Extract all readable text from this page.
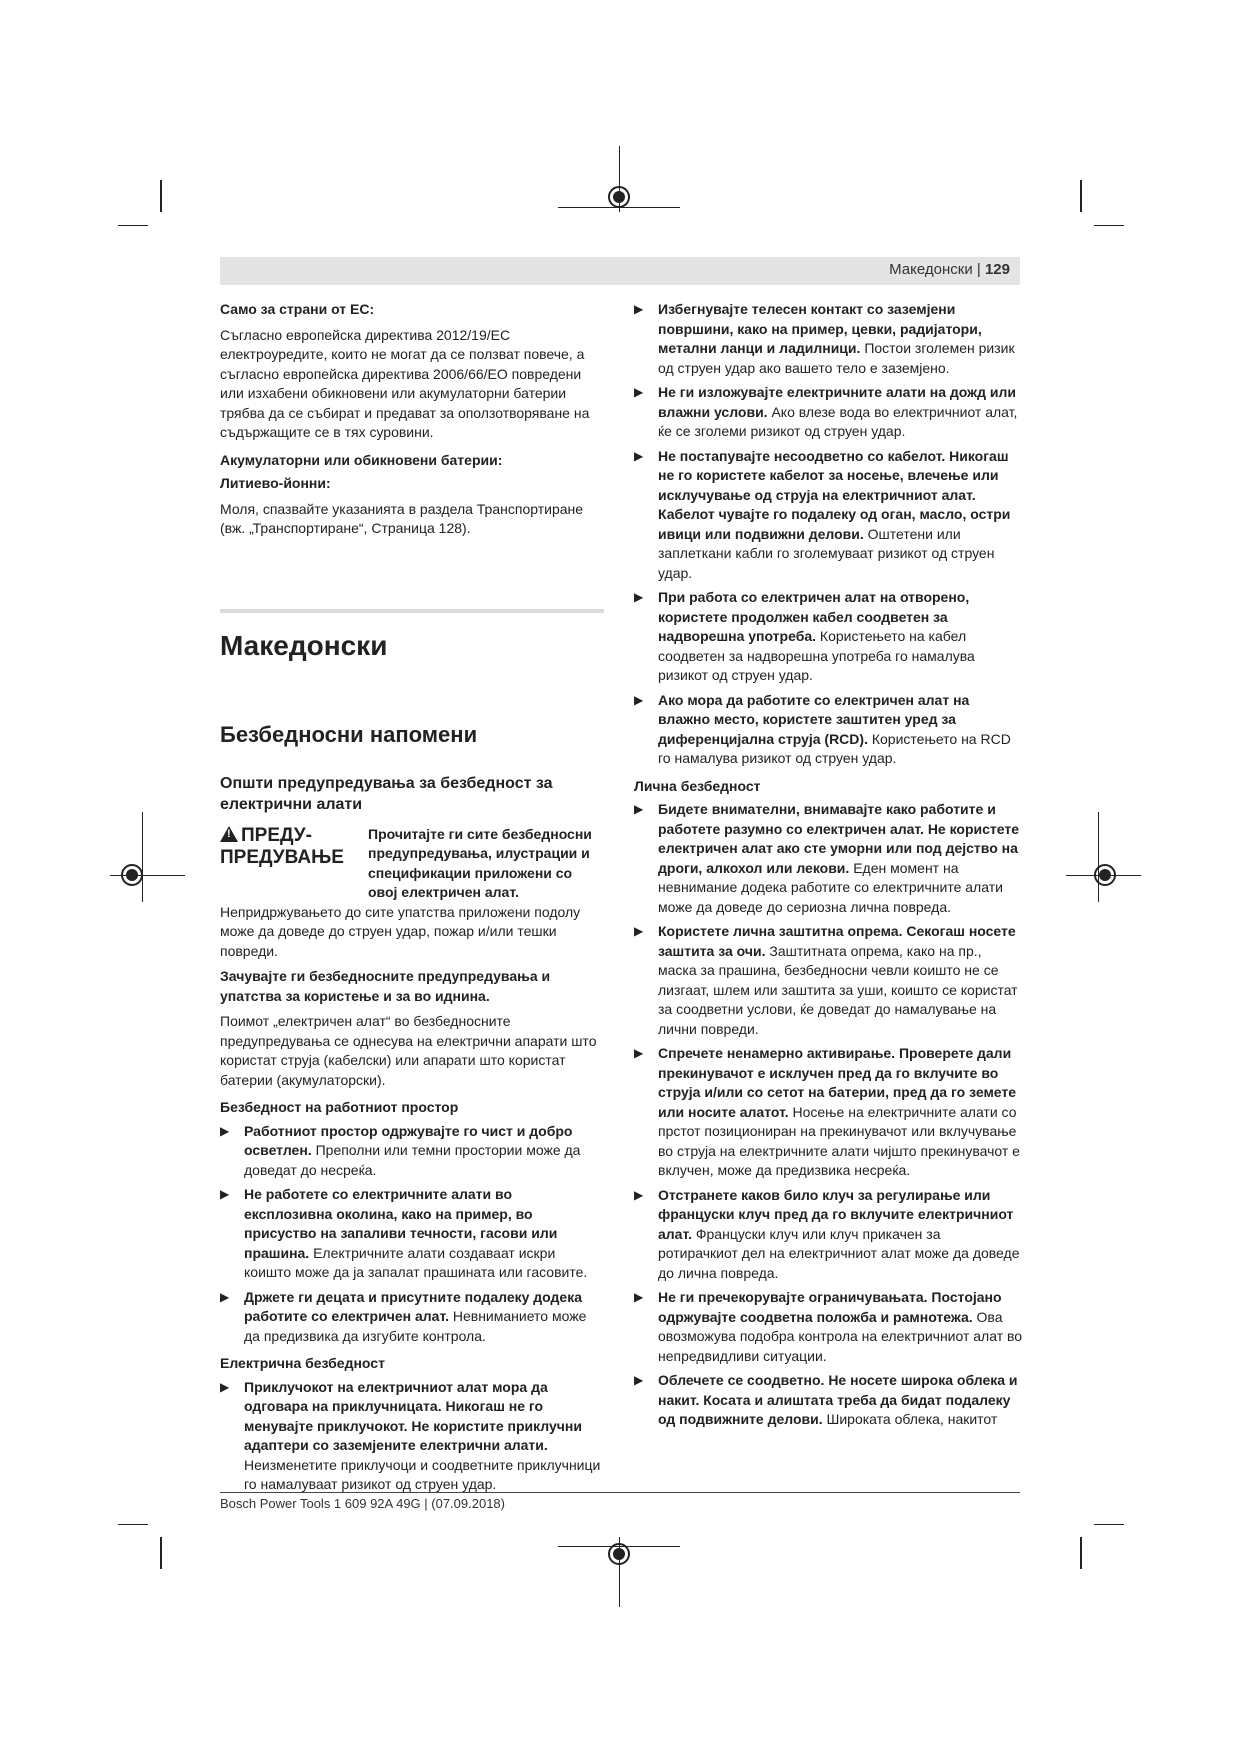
Македонски | 129

Само за страни от ЕС:

Съгласно европейска директива 2012/19/ЕС електроуредите, които не могат да се ползват повече, а съгласно европейска директива 2006/66/ЕО повредени или изхабени обикновени или акумулаторни батерии трябва да се събират и предават за оползотворяване на съдържащите се в тях суровини.

Акумулаторни или обикновени батерии:

Литиево-йонни:

Моля, спазвайте указанията в раздела Транспортиране (вж. „Транспортиране“, Страница 128).

Македонски
Безбедносни напомени
Општи предупредувања за безбедност за електрични алати
!ПРЕДУ-
ПРЕДУВАЊЕ
Прочитајте ги сите безбедносни предупредувања, илустрации и спецификации приложени со овој електричен алат.

Непридржувањето до сите упатства приложени подолу може да доведе до струен удар, пожар и/или тешки повреди.

Зачувајте ги безбедносните предупредувања и упатства за користење и за во иднина.

Поимот „електричен алат“ во безбедносните предупредувања се однесува на електрични апарати што користат струја (кабелски) или апарати што користат батерии (акумулаторски).

Безбедност на работниот простор

▶ Работниот простор одржувајте го чист и добро осветлен. Преполни или темни простории може да доведат до несреќа.
▶ Не работете со електричните алати во експлозивна околина, како на пример, во присуство на запаливи течности, гасови или прашина. Електричните алати создаваат искри коишто може да ја запалат прашината или гасовите.
▶ Држете ги децата и присутните подалеку додека работите со електричен алат. Невниманието може да предизвика да изгубите контрола.

Електрична безбедност

▶ Приклучокот на електричниот алат мора да одговара на приклучницата. Никогаш не го менувајте приклучокот. Не користите приклучни адаптери со заземјените електрични алати. Неизменетите приклучоци и соодветните приклучници го намалуваат ризикот од струен удар.
▶ Избегнувајте телесен контакт со заземјени површини, како на пример, цевки, радијатори, метални ланци и ладилници. Постои зголемен ризик од струен удар ако вашето тело е заземјено.
▶ Не ги изложувајте електричните алати на дожд или влажни услови. Ако влезе вода во електричниот алат, ќе се зголеми ризикот од струен удар.
▶ Не постапувајте несоодветно со кабелот. Никогаш не го користете кабелот за носење, влечење или исклучување од струја на електричниот алат. Кабелот чувајте го подалеку од оган, масло, остри ивици или подвижни делови. Оштетени или заплеткани кабли го зголемуваат ризикот од струен удар.
▶ При работа со електричен алат на отворено, користете продолжен кабел соодветен за надворешна употреба. Користењето на кабел соодветен за надворешна употреба го намалува ризикот од струен удар.
▶ Ако мора да работите со електричен алат на влажно место, користете заштитен уред за диференцијална струја (RCD). Користењето на RCD го намалува ризикот од струен удар.

Лична безбедност

▶ Бидете внимателни, внимавајте како работите и работете разумно со електричен алат. Не користете електричен алат ако сте уморни или под дејство на дроги, алкохол или лекови. Еден момент на невнимание додека работите со електричните алати може да доведе до сериозна лична повреда.
▶ Користете лична заштитна опрема. Секогаш носете заштита за очи. Заштитната опрема, како на пр., маска за прашина, безбедносни чевли коишто не се лизгаат, шлем или заштита за уши, коишто се користат за соодветни услови, ќе доведат до намалување на лични повреди.
▶ Спречете ненамерно активирање. Проверете дали прекинувачот е исклучен пред да го вклучите во струја и/или со сетот на батерии, пред да го земете или носите алатот. Носење на електричните алати со прстот позициониран на прекинувачот или вклучување во струја на електричните алати чијшто прекинувачот е вклучен, може да предизвика несреќа.
▶ Отстранете каков било клуч за регулирање или француски клуч пред да го вклучите електричниот алат. Француски клуч или клуч прикачен за ротирачкиот дел на електричниот алат може да доведе до лична повреда.
▶ Не ги пречекорувајте ограничувањата. Постојано одржувајте соодветна положба и рамнотежа. Ова овозможува подобра контрола на електричниот алат во непредвидливи ситуации.
▶ Облечете се соодветно. Не носете широка облека и накит. Косата и алиштата треба да бидат подалеку од подвижните делови. Широката облека, накитот
Bosch Power Tools 1 609 92A 49G | (07.09.2018)
